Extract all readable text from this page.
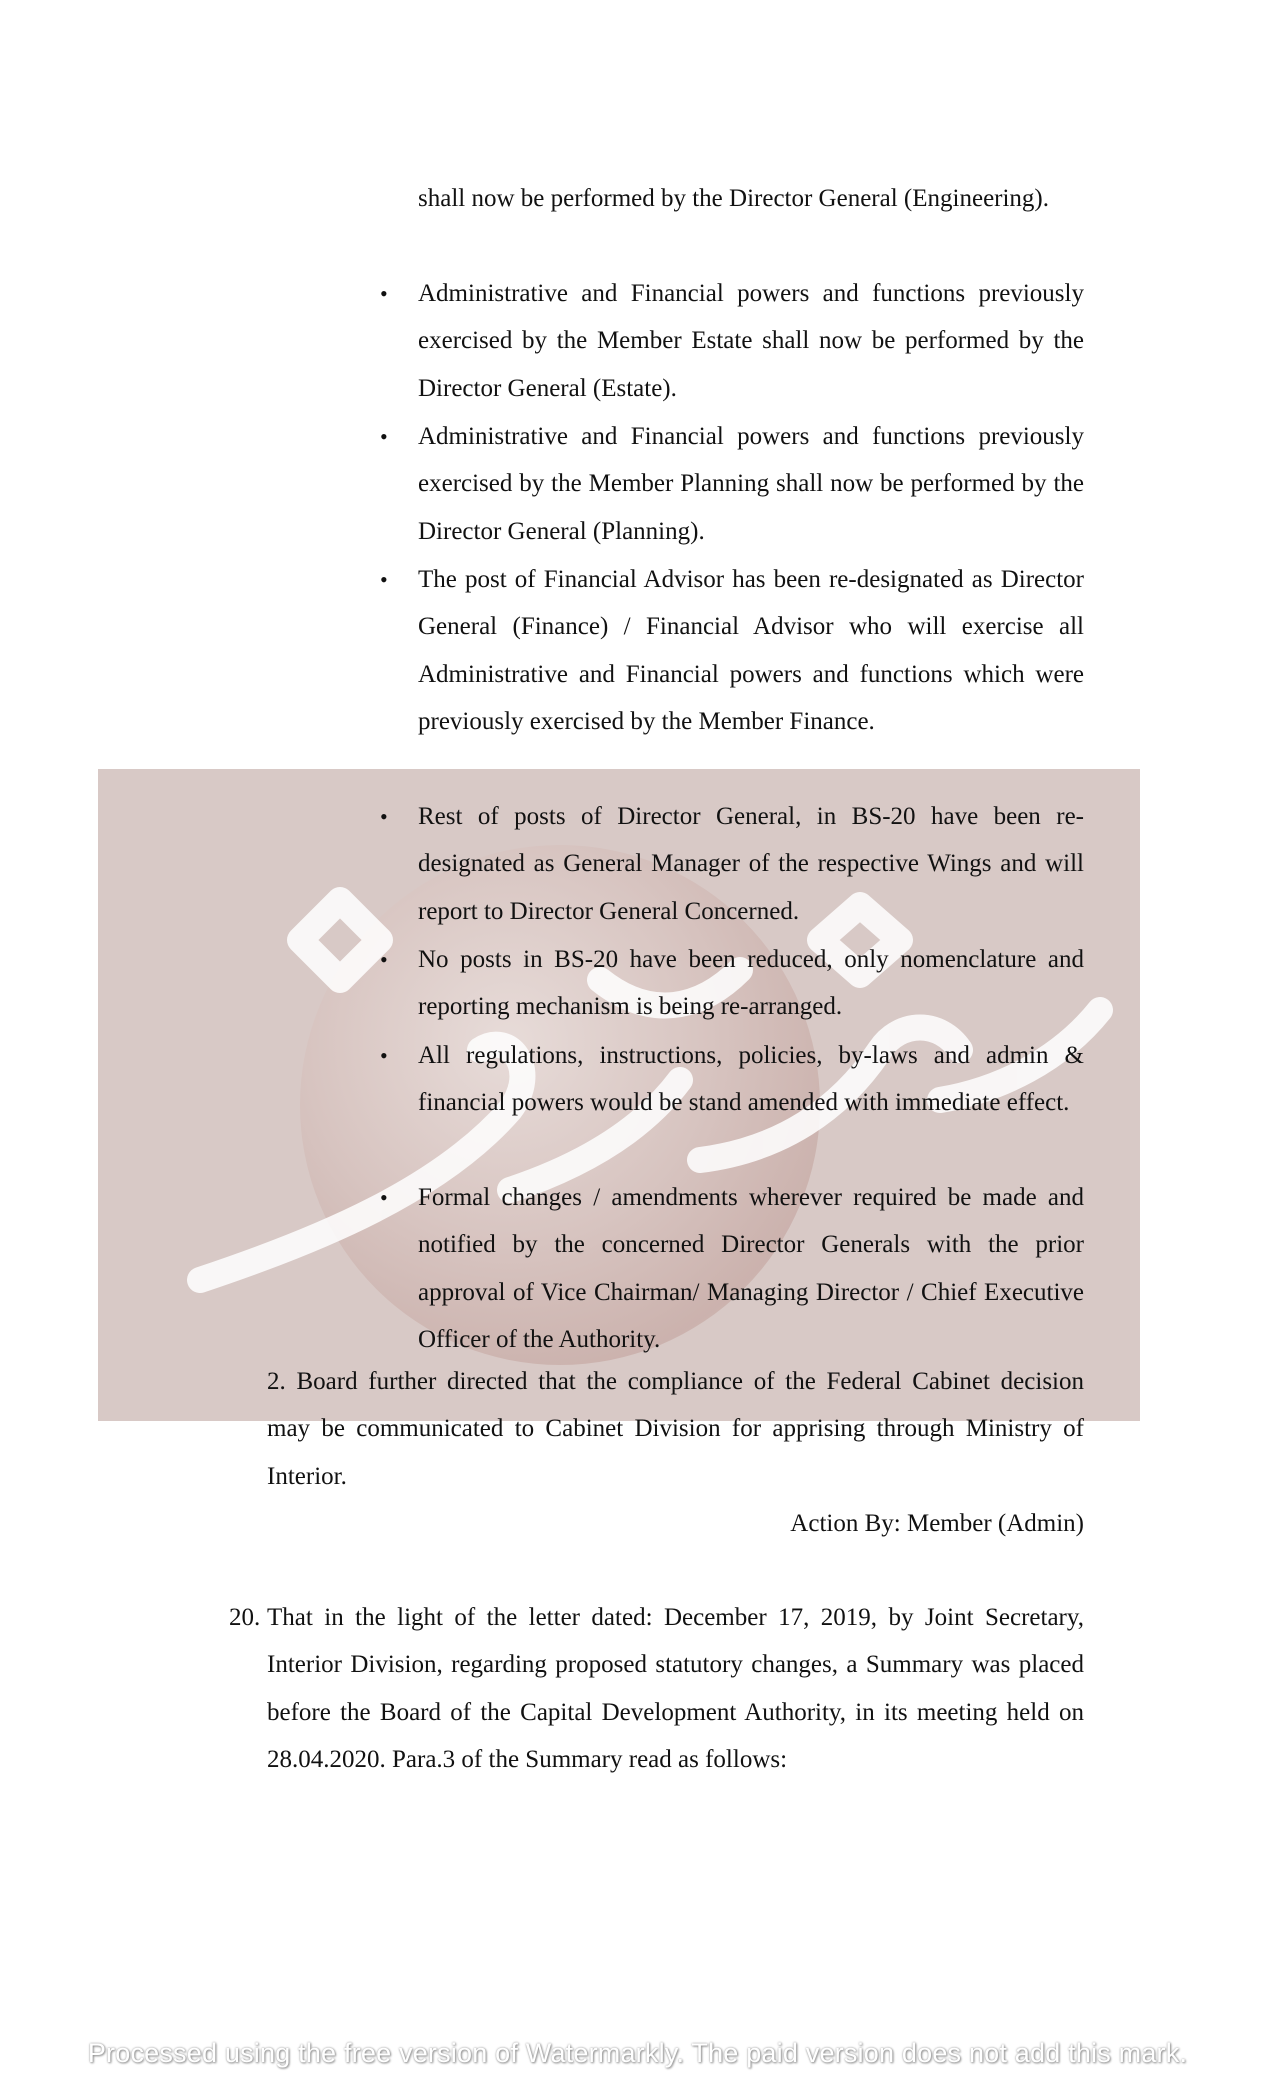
shall now be performed by the Director General (Engineering).
• Administrative and Financial powers and functions previously exercised by the Member Estate shall now be performed by the Director General (Estate).
• Administrative and Financial powers and functions previously exercised by the Member Planning shall now be performed by the Director General (Planning).
• The post of Financial Advisor has been re-designated as Director General (Finance) / Financial Advisor who will exercise all Administrative and Financial powers and functions which were previously exercised by the Member Finance.
• Rest of posts of Director General, in BS-20 have been re-designated as General Manager of the respective Wings and will report to Director General Concerned.
• No posts in BS-20 have been reduced, only nomenclature and reporting mechanism is being re-arranged.
• All regulations, instructions, policies, by-laws and admin & financial powers would be stand amended with immediate effect.
• Formal changes / amendments wherever required be made and notified by the concerned Director Generals with the prior approval of Vice Chairman/ Managing Director / Chief Executive Officer of the Authority.
2. Board further directed that the compliance of the Federal Cabinet decision may be communicated to Cabinet Division for apprising through Ministry of Interior.
Action By: Member (Admin)
20. That in the light of the letter dated: December 17, 2019, by Joint Secretary, Interior Division, regarding proposed statutory changes, a Summary was placed before the Board of the Capital Development Authority, in its meeting held on 28.04.2020. Para.3 of the Summary read as follows:
Processed using the free version of Watermarkly. The paid version does not add this mark.
